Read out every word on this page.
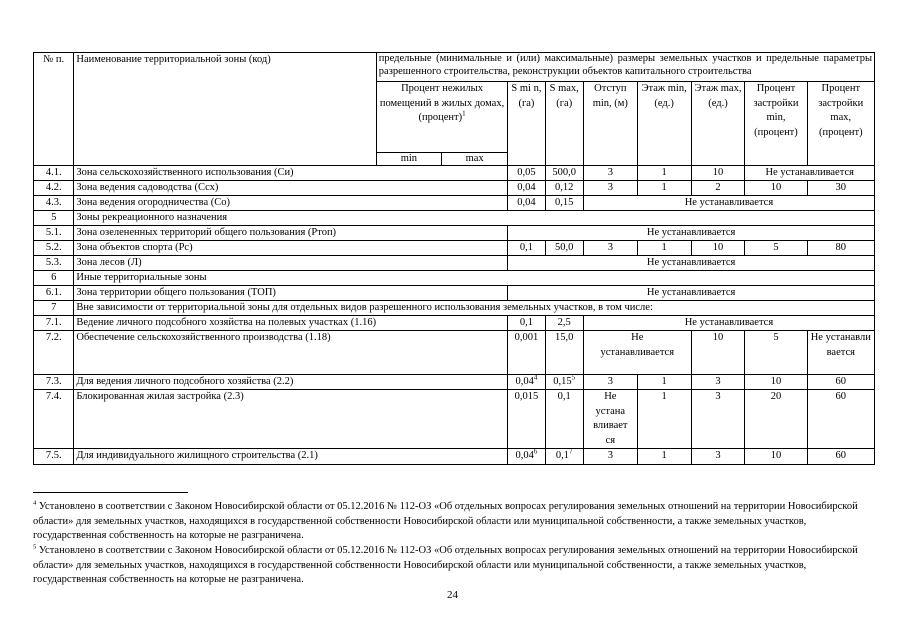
№ п.	Наименование территориальной зоны (код)	предельные (минимальные и (или) максимальные) размеры земельных участков и предельные параметры разрешенного строительства, реконструкции объектов капитального строительства								
		Процент нежилых помещений в жилых домах, (процент)$^1$		S mi n, (га)	S max, (га)	Отступ min, (м)	Этаж min, (ед.)	Этаж max, (ед.)	Процент застройки min, (процент)	Процент застройки max, (процент)
		min	max							
4.1.	Зона сельскохозяйственного использования (Си)			0,05	500,0	3	1	10	Не устанавливается	
4.2.	Зона ведения садоводства (Ссх)			0,04	0,12	3	1	2	10	30
4.3.	Зона ведения огородничества (Со)			0,04	0,15	Не устанавливается				
5	Зоны рекреационного назначения									
5.1.	Зона озелененных территорий общего пользования (Ртоп)			Не устанавливается						
5.2.	Зона объектов спорта (Рс)			0,1	50,0	3	1	10	5	80
5.3.	Зона лесов (Л)			Не устанавливается						
6	Иные территориальные зоны									
6.1.	Зона территории общего пользования (ТОП)			Не устанавливается						
7	Вне зависимости от территориальной зоны для отдельных видов разрешенного использования земельных участков, в том числе:									
7.1.	Ведение личного подсобного хозяйства на полевых участках (1.16)			0,1	2,5	Не устанавливается				
7.2.	Обеспечение сельскохозяйственного производства (1.18)			0,001	15,0	Не устанавливается		10	5	Не устанавли вается
7.3.	Для ведения личного подсобного хозяйства (2.2)			0,04$^4$	0,15$^5$	3	1	3	10	60
7.4.	Блокированная жилая застройка (2.3)			0,015	0,1	Не устана вливает ся	1	3	20	60
7.5.	Для индивидуального жилищного строительства (2.1)			0,04$^6$	$0,1^7$	3	1	3	10	60
$^4$ Установлено в соответствии с Законом Новосибирской области от 05.12.2016 № 112-ОЗ «Об отдельных вопросах регулирования земельных отношений на территории Новосибирской области» для земельных участков, находящихся в государственной собственности Новосибирской области или муниципальной собственности, а также земельных участков, государственная собственность на которые не разграничена.
$^5$ Установлено в соответствии с Законом Новосибирской области от 05.12.2016 № 112-ОЗ «Об отдельных вопросах регулирования земельных отношений на территории Новосибирской области» для земельных участков, находящихся в государственной собственности Новосибирской области или муниципальной собственности, а также земельных участков, государственная собственность на которые не разграничена.
24
